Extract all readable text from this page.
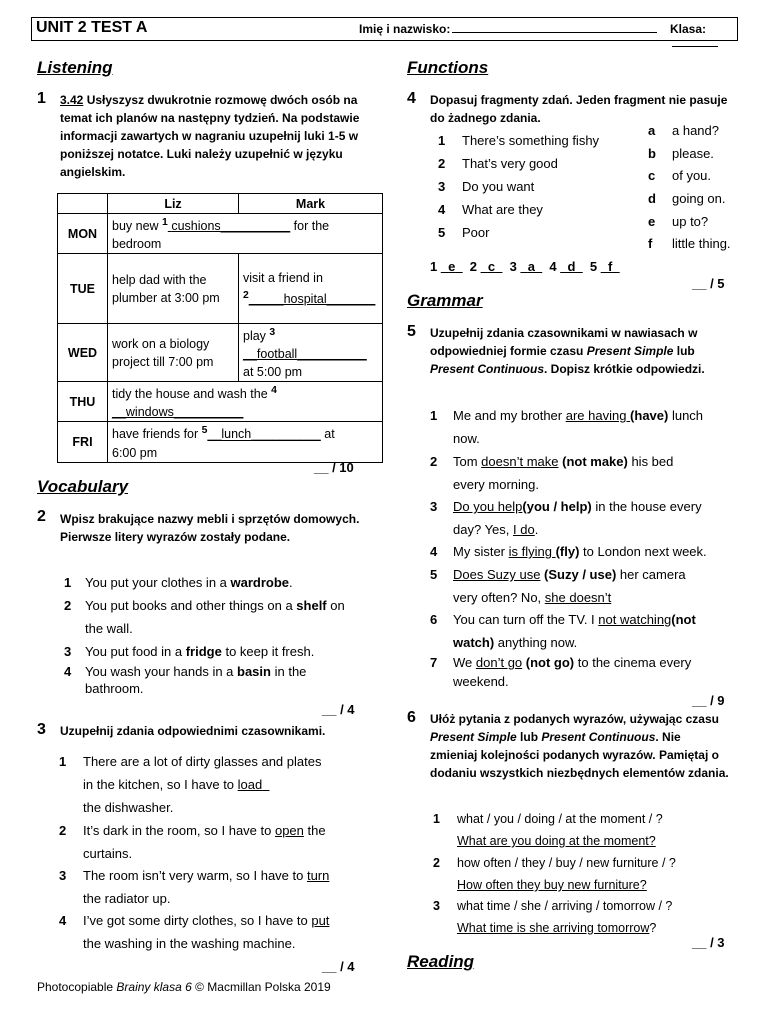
UNIT 2 TEST A	Imię i nazwisko:	Klasa:
Listening
1 3.42 Usłyszysz dwukrotnie rozmowę dwóch osób na temat ich planów na następny tydzień. Na podstawie informacji zawartych w nagraniu uzupełnij luki 1-5 w poniższej notatce. Luki należy uzupełnić w języku angielskim.
	Liz	Mark
MON	buy new $^1$ cushions__________ for the bedroom	
TUE	help dad with the plumber at 3:00 pm	visit a friend in
$^2$_____hospital_______
WED	work on a biology project till 7:00 pm	play $^3$
__football__________
at 5:00 pm
THU	tidy the house and wash the $^4$
__windows__________	
FRI	have friends for $^5$__lunch__________ at 6:00 pm	
__ / 10
Vocabulary
2 Wpisz brakujące nazwy mebli i sprzętów domowych. Pierwsze litery wyrazów zostały podane.
1 You put your clothes in a wardrobe.
2 You put books and other things on a shelf on the wall.
3 You put food in a fridge to keep it fresh.
4 You wash your hands in a basin in the bathroom.
__ / 4
3 Uzupełnij zdania odpowiednimi czasownikami.
1 There are a lot of dirty glasses and plates
in the kitchen, so I have to load
the dishwasher.
2 It’s dark in the room, so I have to open the
curtains.
3 The room isn’t very warm, so I have to turn
the radiator up.
4 I’ve got some dirty clothes, so I have to put
the washing in the washing machine.
__ / 4
Functions
4 Dopasuj fragmenty zdań. Jeden fragment nie pasuje do żadnego zdania.
1 There’s something fishy
2 That’s very good
3 Do you want
4 What are they
5 Poor
a a hand?
b please.
c of you.
d going on.
e up to?
f little thing.
1 _e_ 2 _c_ 3 _a_ 4 _d_ 5 _f_
__ / 5
Grammar
5 Uzupełnij zdania czasownikami w nawiasach w odpowiedniej formie czasu Present Simple lub Present Continuous. Dopisz krótkie odpowiedzi.
1 Me and my brother are having (have) lunch
now.
2 Tom doesn’t make (not make) his bed
every morning.
3 Do you help(you / help) in the house every
day? Yes, I do.
4 My sister is flying (fly) to London next week.
5 Does Suzy use (Suzy / use) her camera
very often? No, she doesn’t
6 You can turn off the TV. I not watching(not
watch) anything now.
7 We don’t go (not go) to the cinema every
weekend.
__ / 9
6 Ułóż pytania z podanych wyrazów, używając czasu Present Simple lub Present Continuous. Nie zmieniaj kolejności podanych wyrazów. Pamiętaj o dodaniu wszystkich niezbędnych elementów zdania.
1 what / you / doing / at the moment / ?
What are you doing at the moment?
2 how often / they / buy / new furniture / ?
How often they buy new furniture?
3 what time / she / arriving / tomorrow / ?
What time is she arriving tomorrow?
__ / 3
Reading
Photocopiable Brainy klasa 6 © Macmillan Polska 2019
